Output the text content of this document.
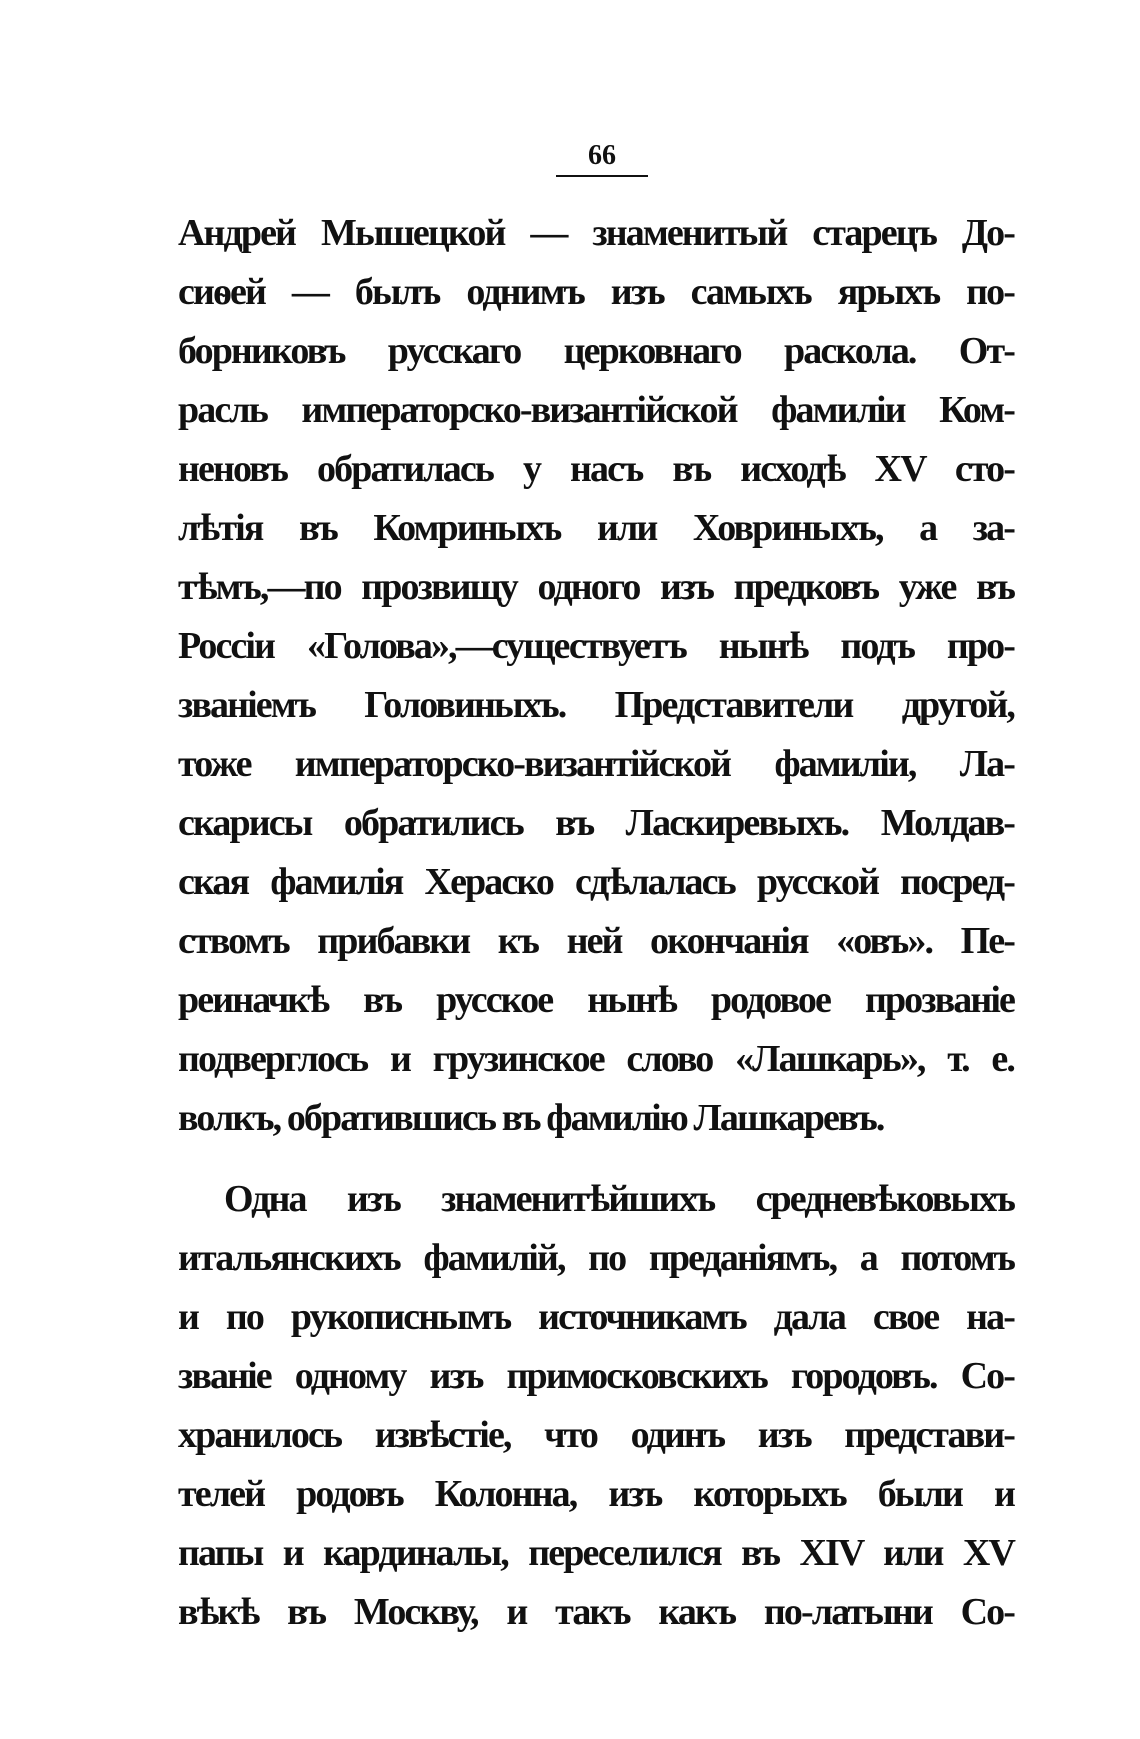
66
Андрей Мышецкой — знаменитый старецъ До-
сиѳей — былъ однимъ изъ самыхъ ярыхъ по-
борниковъ русскаго церковнаго раскола. От-
расль императорско-византiйской фамилiи Ком-
неновъ обратилась у насъ въ исходѣ XV сто-
лѣтiя въ Комриныхъ или Ховриныхъ, а за-
тѣмъ,—по прозвищу одного изъ предковъ уже въ
Россiи «Голова»,—существуетъ нынѣ подъ про-
званiемъ Головиныхъ. Представители другой,
тоже императорско-византiйской фамилiи, Ла-
скарисы обратились въ Ласкиревыхъ. Молдав-
ская фамилiя Хераско сдѣлалась русской посред-
ствомъ прибавки къ ней окончанiя «овъ». Пе-
реиначкѣ въ русское нынѣ родовое прозванiе
подверглось и грузинское слово «Лашкарь», т. е.
волкъ, обратившись въ фамилiю Лашкаревъ.
Одна изъ знаменитѣйшихъ средневѣковыхъ
итальянскихъ фамилiй, по преданiямъ, а потомъ
и по рукописнымъ источникамъ дала свое на-
званiе одному изъ примосковскихъ городовъ. Со-
хранилось извѣстiе, что одинъ изъ представи-
телей родовъ Колонна, изъ которыхъ были и
папы и кардиналы, переселился въ XIV или XV
вѣкѣ въ Москву, и такъ какъ по-латыни Со-
